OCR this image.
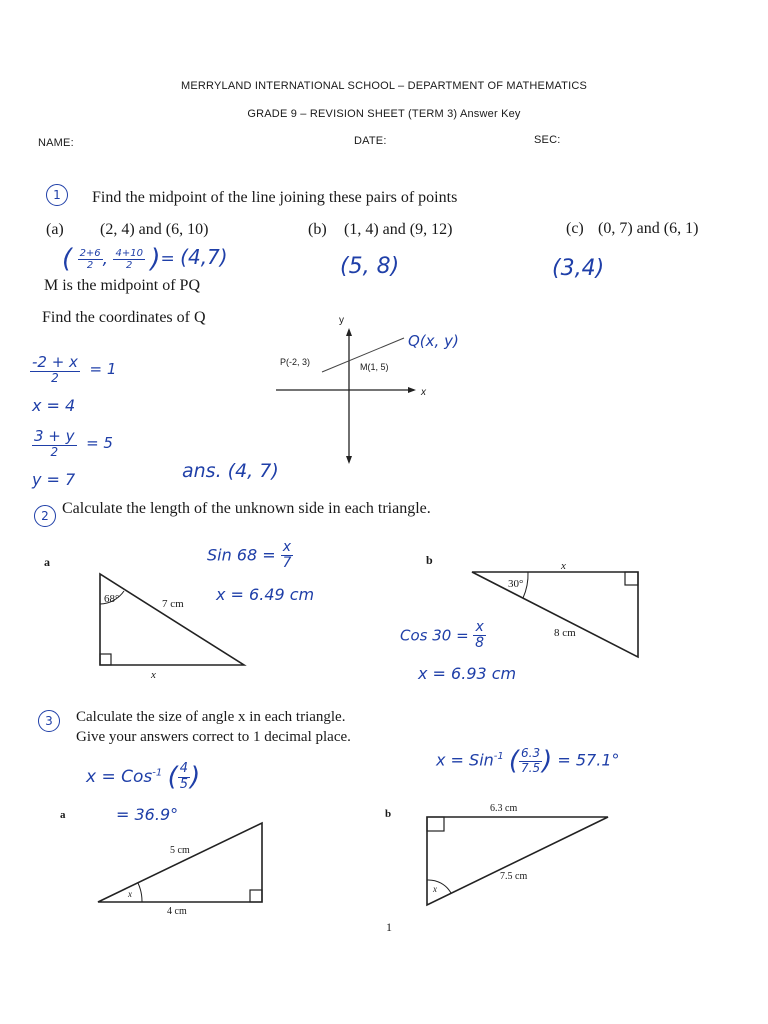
MERRYLAND INTERNATIONAL SCHOOL – DEPARTMENT OF MATHEMATICS
GRADE 9 – REVISION SHEET (TERM 3) Answer Key
NAME:	DATE:	SEC:
1	Find the midpoint of the line joining these pairs of points
(a) (2, 4) and (6, 10)	(b) (1, 4) and (9, 12)	(c) (0, 7) and (6, 1)
( $\frac{2+6}{2}$ , $\frac{4+10}{2}$ )= (4,7)	(5, 8)	(3,4)
M is the midpoint of PQ
Find the coordinates of Q	y
x
P(-2, 3)	M(1, 5)
Q(x, y)
$\frac{-2 + x}{2} = 1$
x = 4
$\frac{3 + y}{2} = 5$
y = 7	ans. (4, 7)
2 Calculate the length of the unknown side in each triangle.
a	b
68°	7 cm
x
30°
x
8 cm
Sin $68 = \frac{x}{7}$
x = 6.49 cm
Cos $30 = \frac{x}{8}$
x = 6.93 cm
3	Calculate the size of angle x in each triangle.
Give your answers correct to 1 decimal place.
x = Cos$^{-1}$ ( $\frac{4}{5}$ )
= 36.9°
x = Sin$^{-1}$ ( $\frac{6.3}{7.5}$ ) = 57.1°
a	b
5 cm
4 cm
x
6.3 cm
7.5 cm
x
1
